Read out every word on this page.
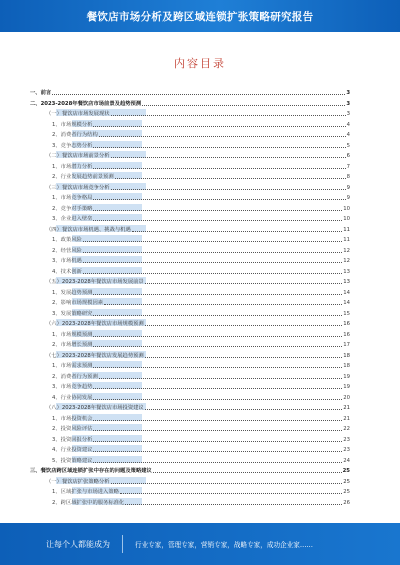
餐饮店市场分析及跨区域连锁扩张策略研究报告
内容目录
一、前言	3
二、2023-2028年餐饮店市场前景及趋势预测	3
（一）餐饮店市场发展现状	3
1、市场规模分析	4
2、消费者行为结构	4
3、竞争态势分析	5
（二）餐饮店市场前景分析	6
1、市场潜力分析	7
2、行业发展趋势前景预测	8
（三）餐饮店市场竞争分析	9
1、市场竞争格局	9
2、竞争对手策略	10
3、企业进入壁垒	10
（四）餐饮店市场机遇、挑战与机遇	11
1、政策风险	11
2、经营风险	12
3、市场机遇	12
4、技术创新	13
（五）2023-2028年餐饮店市场发展前景	13
1、发展趋势预测	14
2、影响市场规模因素	14
3、发展策略研究	15
（六）2023-2028年餐饮店市场规模预测	16
1、市场规模预测	16
2、市场增长预测	17
（七）2023-2028年餐饮店发展趋势预测	18
1、市场需求预测	18
2、消费者行为预测	19
3、市场竞争趋势	19
4、行业协同发展	20
（八）2023-2028年餐饮店市场投资建议	21
1、市场投资机会	21
2、投资风险评估	22
3、投资回报分析	23
4、行业投资建议	23
5、投资策略建议	24
三、餐饮店跨区域连锁扩张中存在的问题及策略建议	25
（一）餐饮店扩张策略分析	25
1、区域扩张与市场进入策略	25
2、跨区域扩张中的服务标准化	26
让每个人都能成为	行业专家，管理专家，营销专家，战略专家，成功企业家……
